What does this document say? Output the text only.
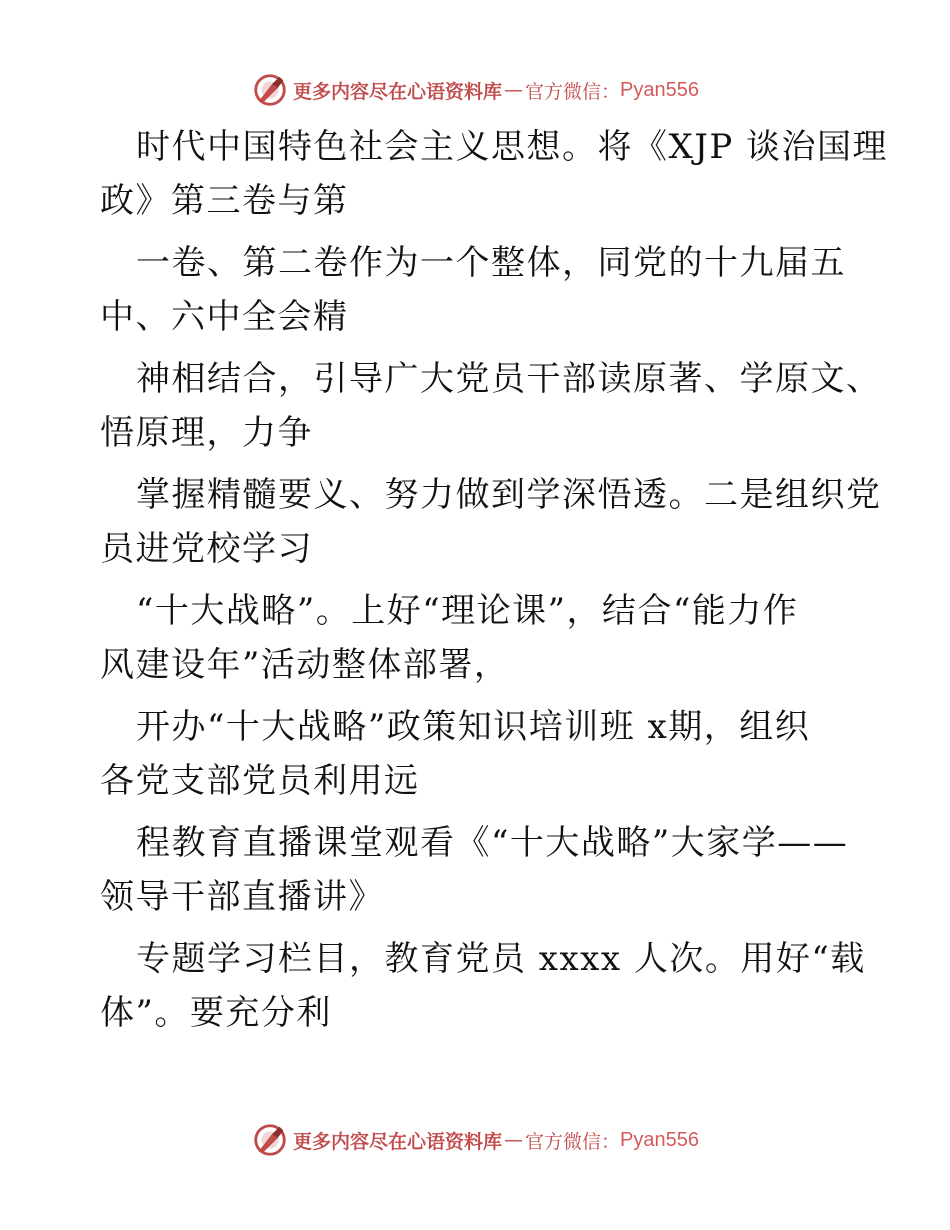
更多内容尽在心语资料库 — 官方微信： Pyan556
时代中国特色社会主义思想。将《XJP 谈治国理
政》第三卷与第
一卷、第二卷作为一个整体，同党的十九届五
中、六中全会精
神相结合，引导广大党员干部读原著、学原文、
悟原理，力争
掌握精髓要义、努力做到学深悟透。二是组织党
员进党校学习
“十大战略”。上好“理论课”，结合“能力作
风建设年”活动整体部署，
开办“十大战略”政策知识培训班 x期，组织
各党支部党员利用远
程教育直播课堂观看《“十大战略”大家学——
领导干部直播讲》
专题学习栏目，教育党员 xxxx 人次。用好“载
体”。要充分利
更多内容尽在心语资料库 — 官方微信： Pyan556
